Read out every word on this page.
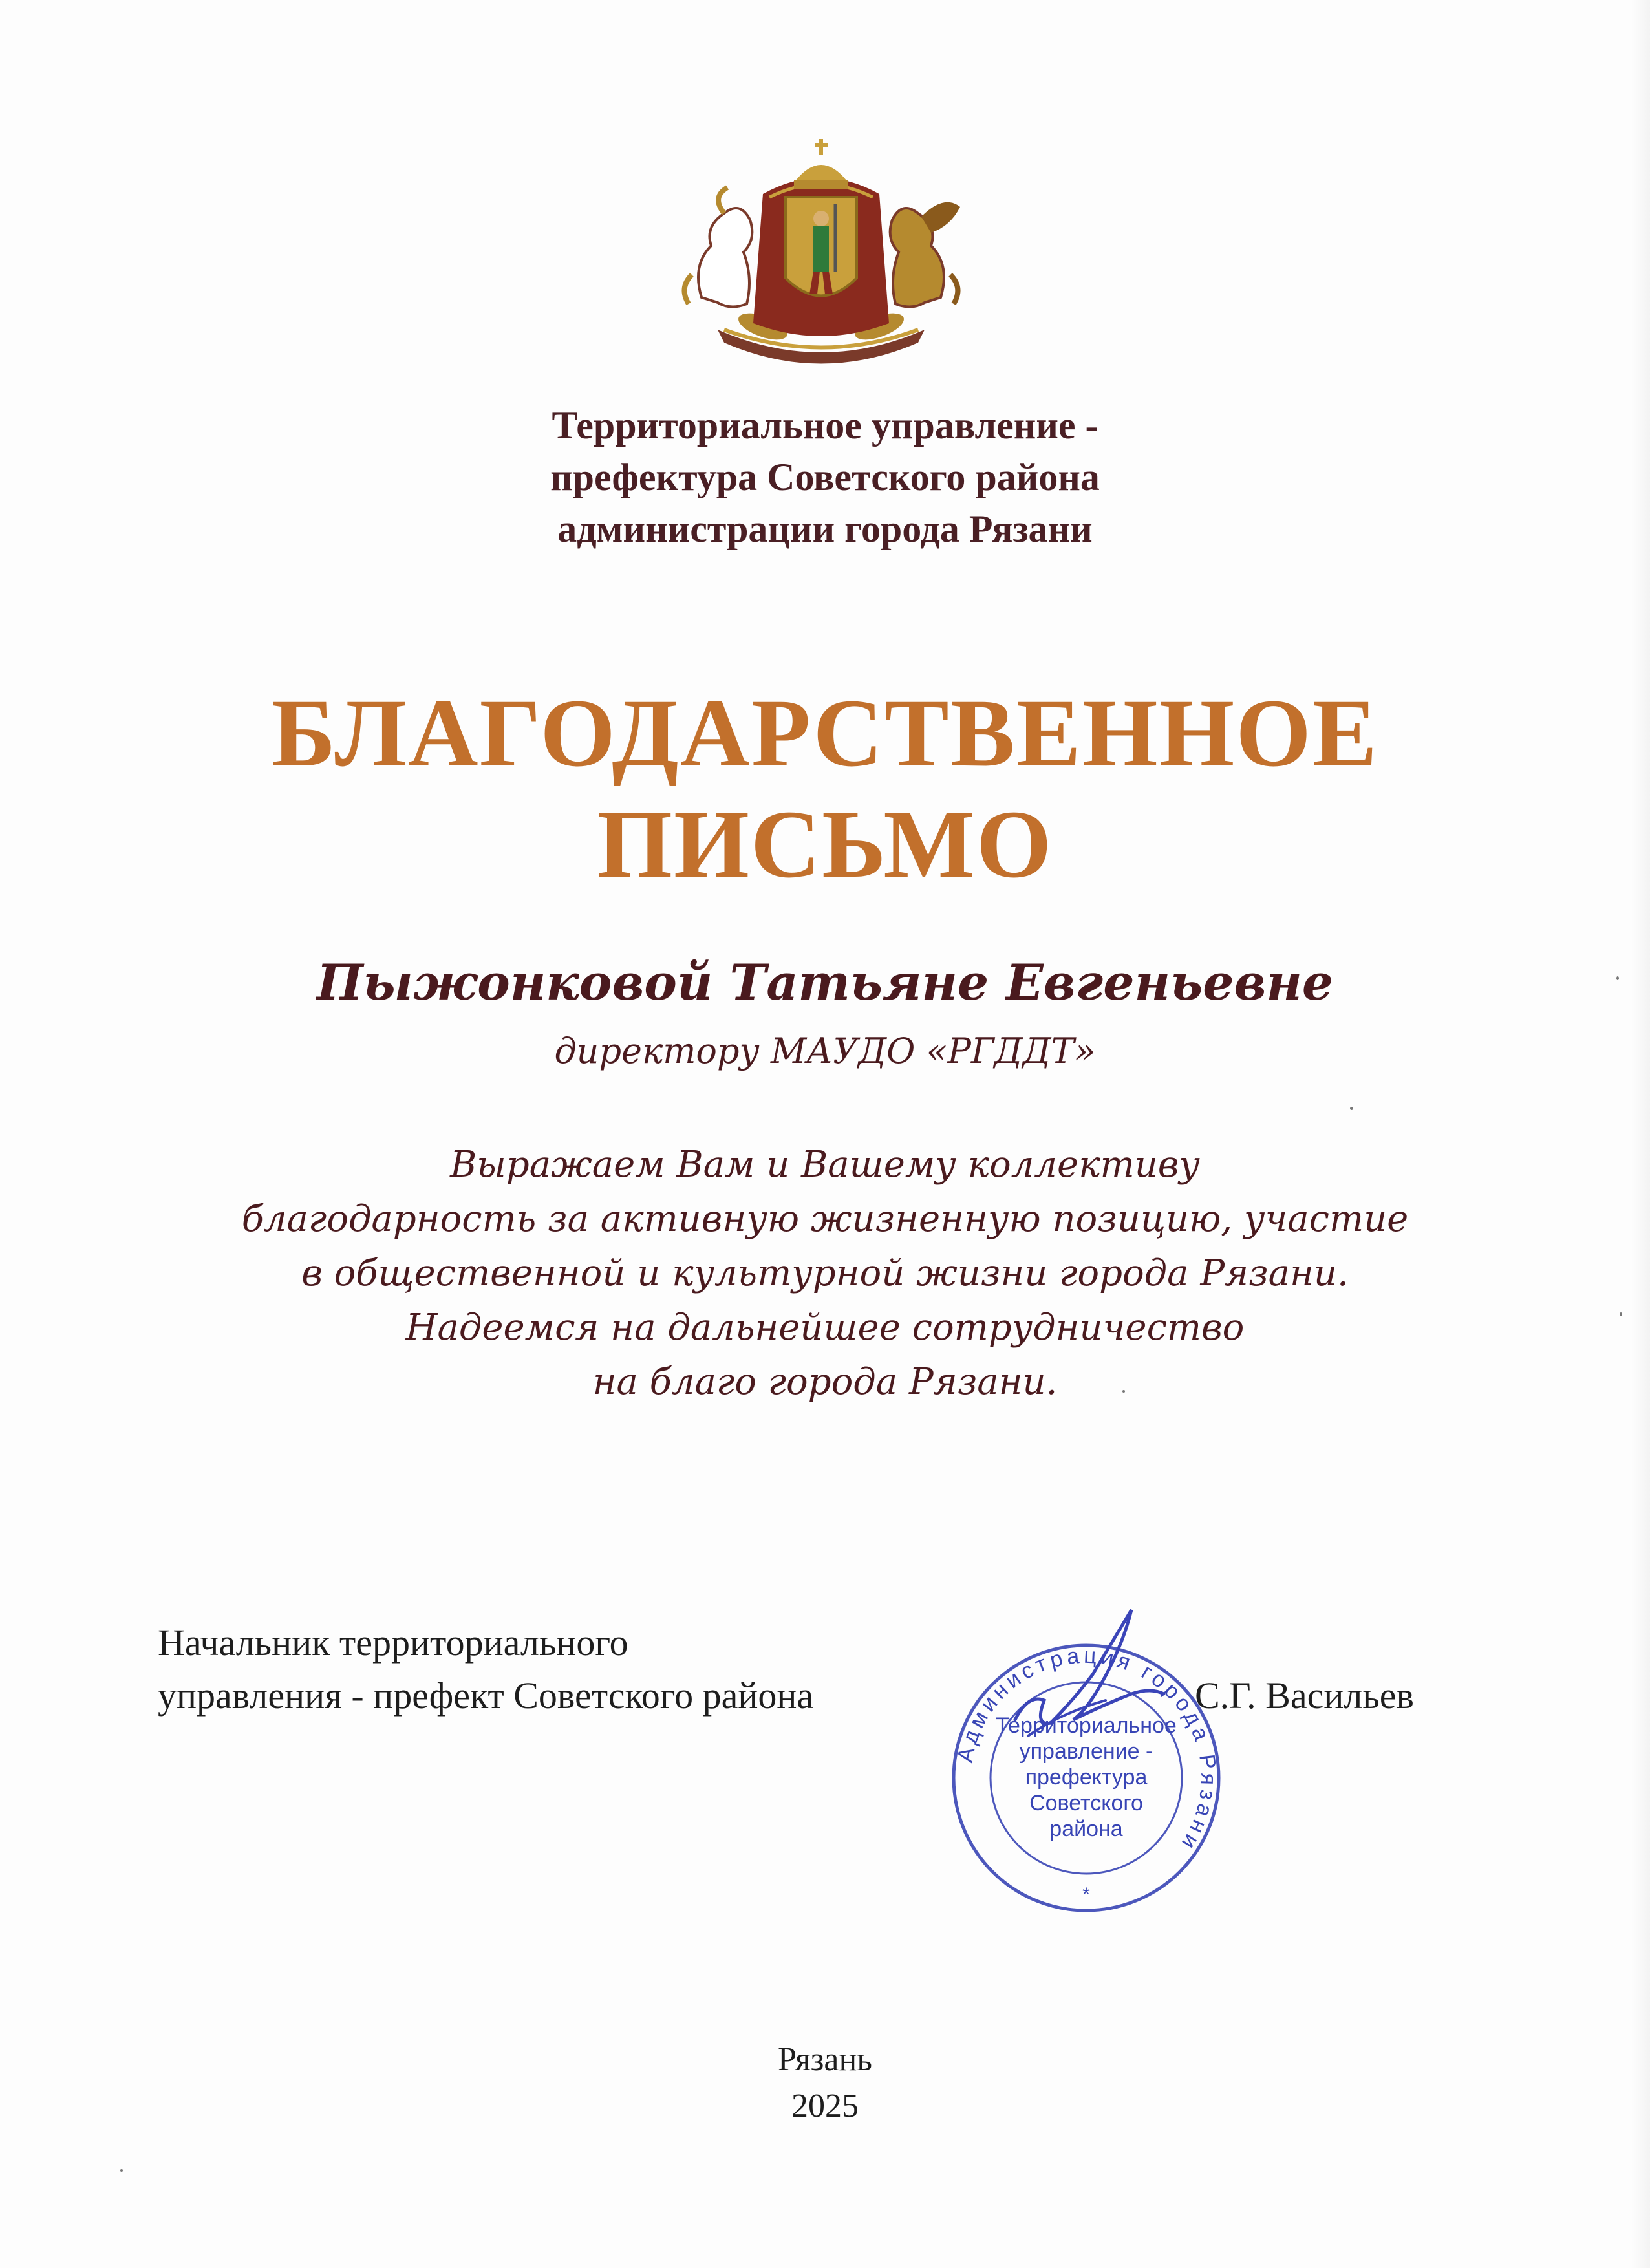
Территориальное управление -
префектура Советского района
администрации города Рязани
БЛАГОДАРСТВЕННОЕ
ПИСЬМО
Пыжонковой Татьяне Евгеньевне
директору МАУДО «РГДДТ»
Выражаем Вам и Вашему коллективу
благодарность за активную жизненную позицию, участие
в общественной и культурной жизни города Рязани.
Надеемся на дальнейшее сотрудничество
на благо города Рязани.
Начальник территориального
управления - префект Советского района
Администрация города Рязани
Территориальное
управление -
префектура
Советского
района
*
С.Г. Васильев
Рязань
2025
